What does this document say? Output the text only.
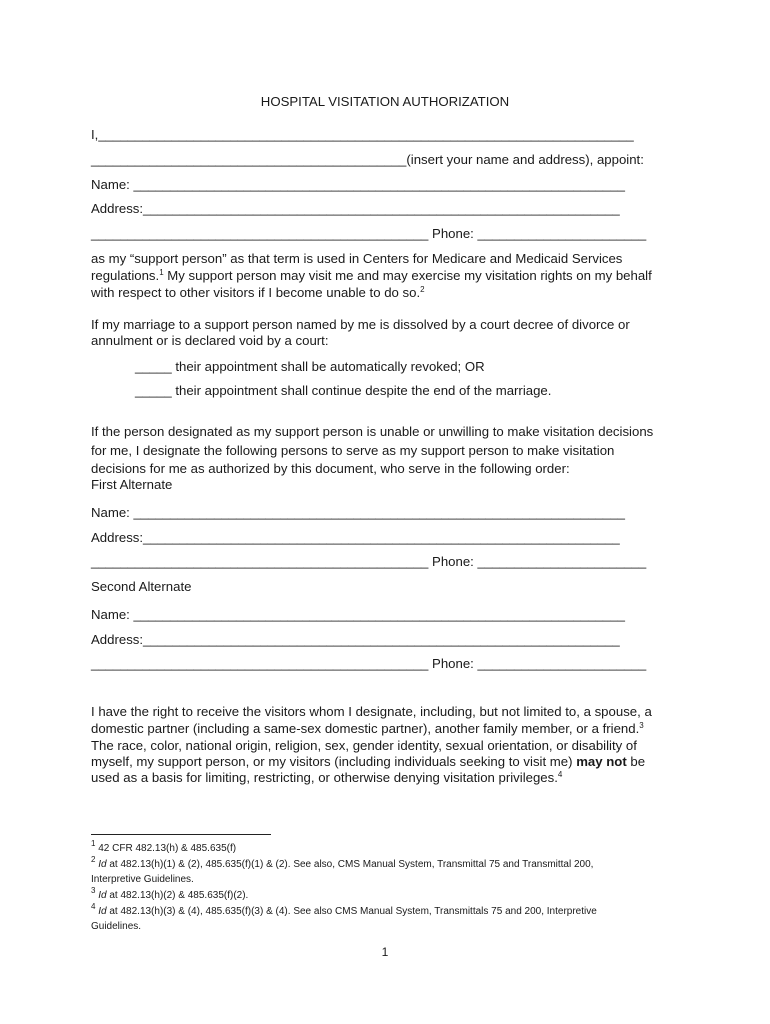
HOSPITAL VISITATION AUTHORIZATION
I,_________________________________________________________________________
___________________________________________(insert your name and address), appoint:
Name: ___________________________________________________________________
Address:_________________________________________________________________
______________________________________________ Phone: _______________________
as my “support person” as that term is used in Centers for Medicare and Medicaid Services
regulations.$^1$ My support person may visit me and may exercise my visitation rights on my behalf
with respect to other visitors if I become unable to do so.$^2$
If my marriage to a support person named by me is dissolved by a court decree of divorce or
annulment or is declared void by a court:
_____ their appointment shall be automatically revoked; OR
_____ their appointment shall continue despite the end of the marriage.
If the person designated as my support person is unable or unwilling to make visitation decisions
for me, I designate the following persons to serve as my support person to make visitation
decisions for me as authorized by this document, who serve in the following order:
First Alternate
Name: ___________________________________________________________________
Address:_________________________________________________________________
______________________________________________ Phone: _______________________
Second Alternate
Name: ___________________________________________________________________
Address:_________________________________________________________________
______________________________________________ Phone: _______________________
I have the right to receive the visitors whom I designate, including, but not limited to, a spouse, a
domestic partner (including a same-sex domestic partner), another family member, or a friend.$^3$
The race, color, national origin, religion, sex, gender identity, sexual orientation, or disability of
myself, my support person, or my visitors (including individuals seeking to visit me) may not be
used as a basis for limiting, restricting, or otherwise denying visitation privileges.$^4$
$^1$ 42 CFR 482.13(h) & 485.635(f)
$^2$ Id at 482.13(h)(1) & (2), 485.635(f)(1) & (2). See also, CMS Manual System, Transmittal 75 and Transmittal 200,
Interpretive Guidelines.
$^3$ Id at 482.13(h)(2) & 485.635(f)(2).
$^4$ Id at 482.13(h)(3) & (4), 485.635(f)(3) & (4). See also CMS Manual System, Transmittals 75 and 200, Interpretive
Guidelines.
1
